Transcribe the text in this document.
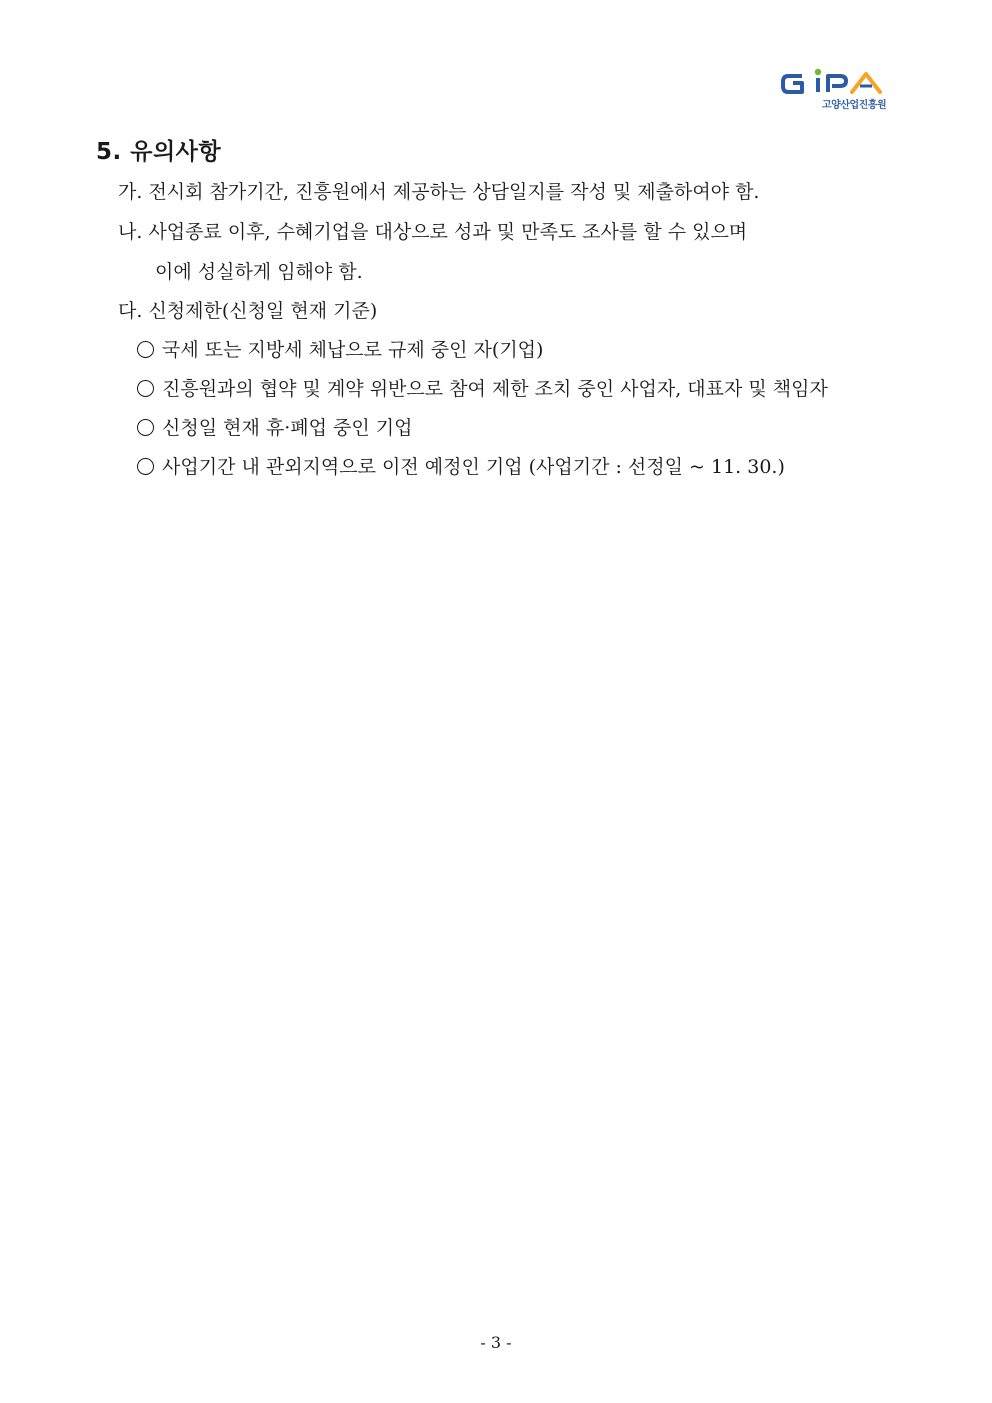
고양산업진흥원
5. 유의사항
가. 전시회 참가기간, 진흥원에서 제공하는 상담일지를 작성 및 제출하여야 함.
나. 사업종료 이후, 수혜기업을 대상으로 성과 및 만족도 조사를 할 수 있으며
이에 성실하게 임해야 함.
다. 신청제한(신청일 현재 기준)
국세 또는 지방세 체납으로 규제 중인 자(기업)
진흥원과의 협약 및 계약 위반으로 참여 제한 조치 중인 사업자, 대표자 및 책임자
신청일 현재 휴·폐업 중인 기업
사업기간 내 관외지역으로 이전 예정인 기업 (사업기간 : 선정일 ~ 11. 30.)
- 3 -
